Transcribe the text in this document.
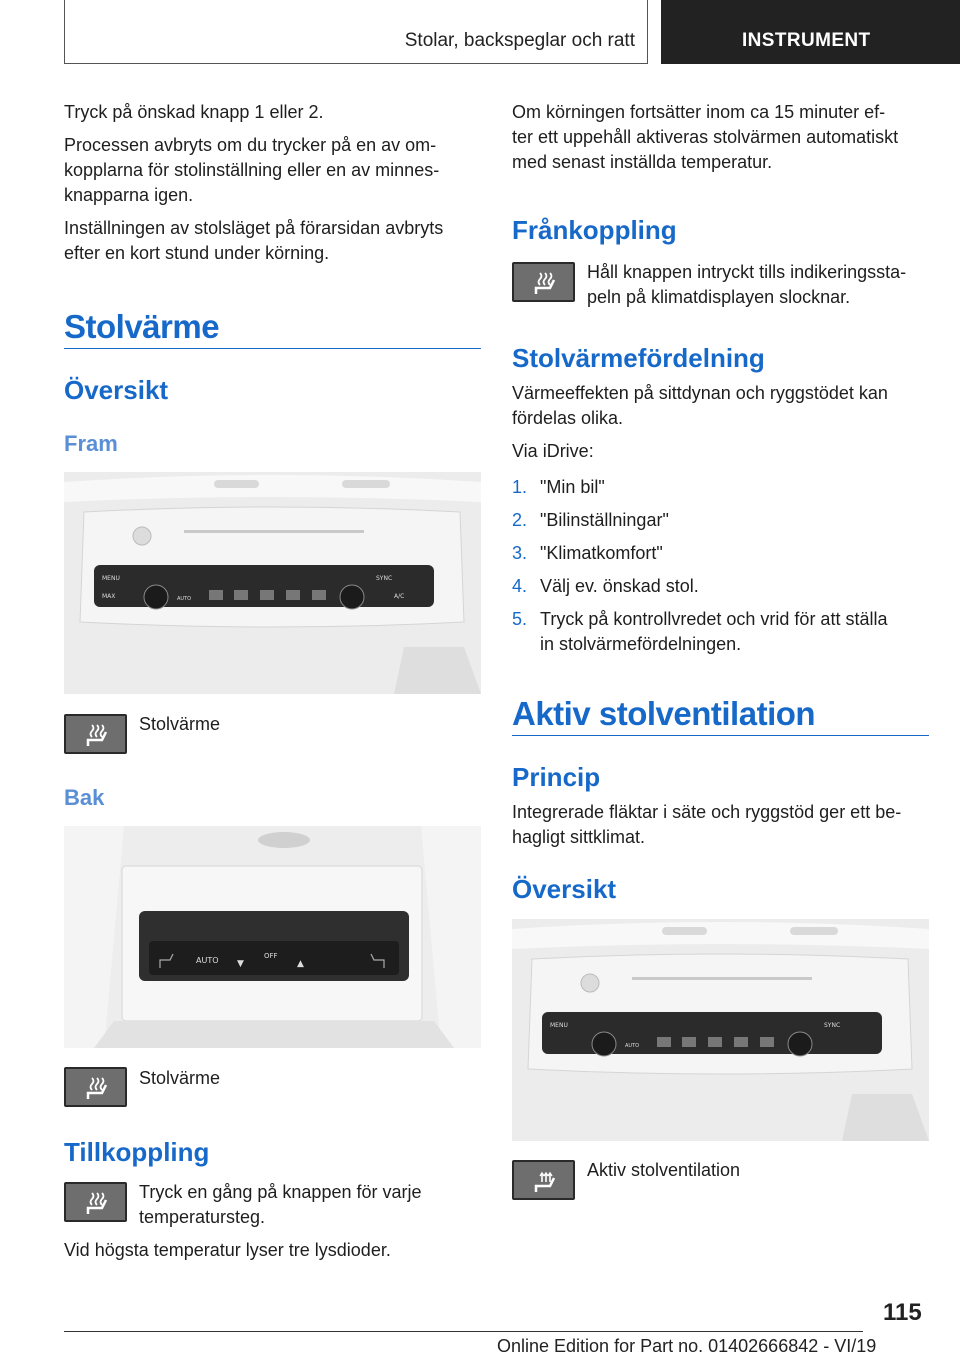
Stolar, backspeglar och ratt	INSTRUMENT

Tryck på önskad knapp 1 eller 2.

Processen avbryts om du trycker på en av om-

kopplarna för stolinställning eller en av minnes-

knapparna igen.

Inställningen av stolsläget på förarsidan avbryts

efter en kort stund under körning.

Stolvärme
Översikt
Fram
MENU
MAX	AUTO
SYNC
A/C

Stolvärme

Bak
AUTO	OFF
▼	▲

Stolvärme

Tillkoppling

Tryck en gång på knappen för varje

temperatursteg.

Vid högsta temperatur lyser tre lysdioder.

Om körningen fortsätter inom ca 15 minuter ef-

ter ett uppehåll aktiveras stolvärmen automatiskt

med senast inställda temperatur.

Frånkoppling

Håll knappen intryckt tills indikeringssta-

peln på klimatdisplayen slocknar.

Stolvärmefördelning

Värmeeffekten på sittdynan och ryggstödet kan

fördelas olika.

Via iDrive:

1. "Min bil"
2. "Bilinställningar"
3. "Klimatkomfort"
4. Välj ev. önskad stol.
5. Tryck på kontrollvredet och vrid för att ställa
in stolvärmefördelningen.
Aktiv stolventilation
Princip

Integrerade fläktar i säte och ryggstöd ger ett be-

hagligt sittklimat.

Översikt
MENU
AUTO
SYNC

Aktiv stolventilation

115
Online Edition for Part no. 01402666842 - VI/19
